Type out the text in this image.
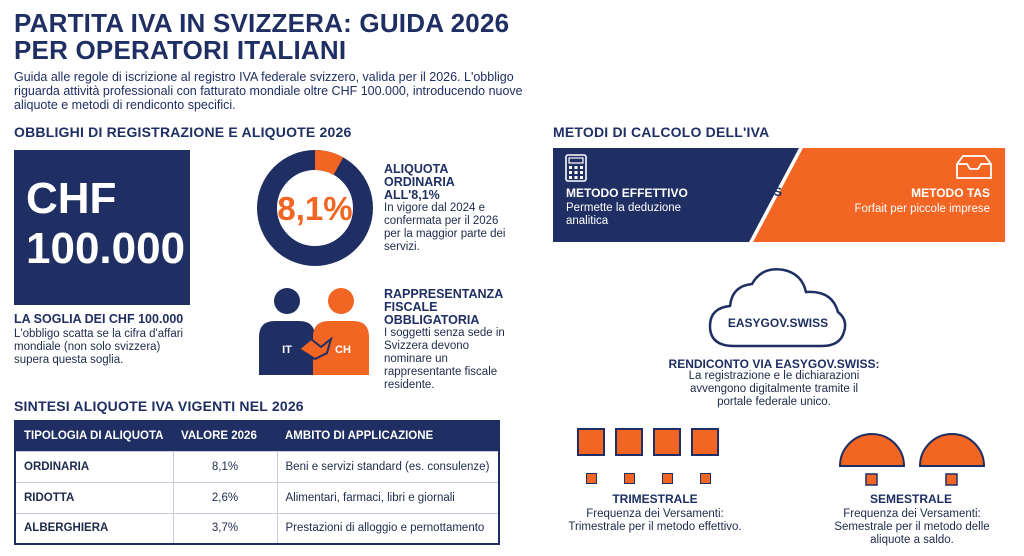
PARTITA IVA IN SVIZZERA: GUIDA 2026
PER OPERATORI ITALIANI
Guida alle regole di iscrizione al registro IVA federale svizzero, valida per il 2026. L'obbligo riguarda attività professionali con fatturato mondiale oltre CHF 100.000, introducendo nuove aliquote e metodi di rendiconto specifici.
OBBLIGHI DI REGISTRAZIONE E ALIQUOTE 2026
CHF
100.000
LA SOGLIA DEI CHF 100.000
L'obbligo scatta se la cifra d'affari mondiale (non solo svizzera) supera questa soglia.
8,1%
ALIQUOTA ORDINARIA ALL'8,1%
In vigore dal 2024 e confermata per il 2026 per la maggior parte dei servizi.
IT	CH
RAPPRESENTANZA FISCALE OBBLIGATORIA
I soggetti senza sede in Svizzera devono nominare un rappresentante fiscale residente.
SINTESI ALIQUOTE IVA VIGENTI NEL 2026
TIPOLOGIA DI ALIQUOTA	VALORE 2026	AMBITO DI APPLICAZIONE
ORDINARIA	8,1%	Beni e servizi standard (es. consulenze)
RIDOTTA	2,6%	Alimentari, farmaci, libri e giornali
ALBERGHIERA	3,7%	Prestazioni di alloggio e pernottamento
METODI DI CALCOLO DELL'IVA
METODO EFFETTIVO
Permette la deduzione analitica
VS	METODO TAS
Forfait per piccole imprese
EASYGOV.SWISS
RENDICONTO VIA EASYGOV.SWISS:
La registrazione e le dichiarazioni avvengono digitalmente tramite il portale federale unico.
TRIMESTRALE
Frequenza dei Versamenti: Trimestrale per il metodo effettivo.
SEMESTRALE
Frequenza dei Versamenti: Semestrale per il metodo delle aliquote a saldo.
